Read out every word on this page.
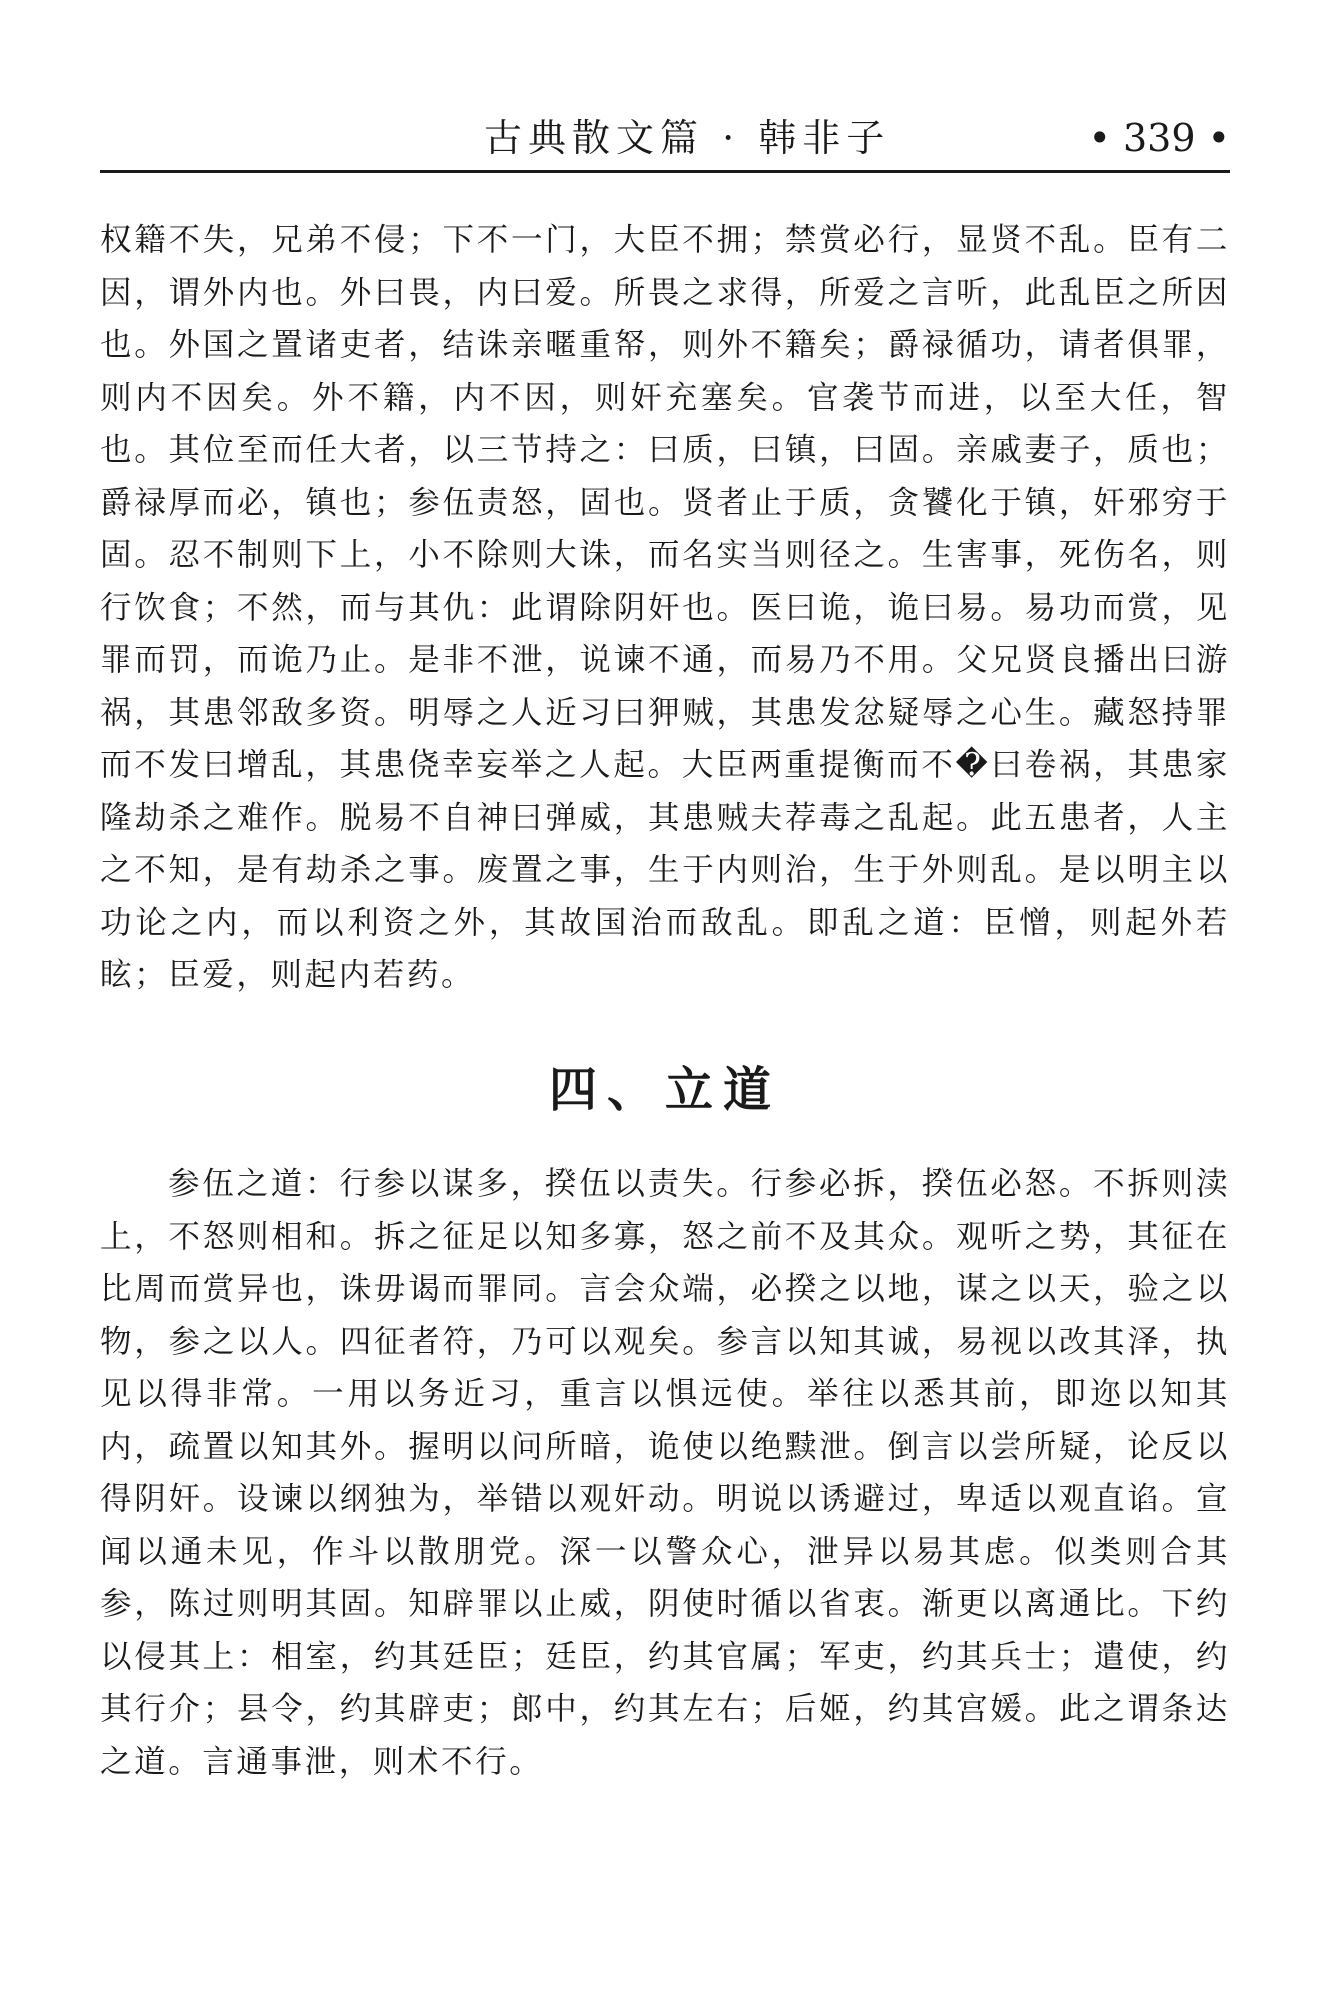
古典散文篇 · 韩非子	• 339 •

权籍不失，兄弟不侵；下不一门，大臣不拥；禁赏必行，显贤不乱。臣有二因，谓外内也。外曰畏，内曰爱。所畏之求得，所爱之言听，此乱臣之所因也。外国之置诸吏者，结诛亲暱重帑，则外不籍矣；爵禄循功，请者俱罪，则内不因矣。外不籍，内不因，则奸充塞矣。官袭节而进，以至大任，智也。其位至而任大者，以三节持之：曰质，曰镇，曰固。亲戚妻子，质也；爵禄厚而必，镇也；参伍责怒，固也。贤者止于质，贪饕化于镇，奸邪穷于固。忍不制则下上，小不除则大诛，而名实当则径之。生害事，死伤名，则行饮食；不然，而与其仇：此谓除阴奸也。医曰诡，诡曰易。易功而赏，见罪而罚，而诡乃止。是非不泄，说谏不通，而易乃不用。父兄贤良播出曰游祸，其患邻敌多资。明辱之人近习曰狎贼，其患发忿疑辱之心生。藏怒持罪而不发曰增乱，其患侥幸妄举之人起。大臣两重提衡而不�曰卷祸，其患家隆劫杀之难作。脱易不自神曰弹威，其患贼夫荐毒之乱起。此五患者，人主之不知，是有劫杀之事。废置之事，生于内则治，生于外则乱。是以明主以功论之内，而以利资之外，其故国治而敌乱。即乱之道：臣憎，则起外若眩；臣爱，则起内若药。

四、立道

参伍之道：行参以谋多，揆伍以责失。行参必拆，揆伍必怒。不拆则渎上，不怒则相和。拆之征足以知多寡，怒之前不及其众。观听之势，其征在比周而赏异也，诛毋谒而罪同。言会众端，必揆之以地，谋之以天，验之以物，参之以人。四征者符，乃可以观矣。参言以知其诚，易视以改其泽，执见以得非常。一用以务近习，重言以惧远使。举往以悉其前，即迩以知其内，疏置以知其外。握明以问所暗，诡使以绝黩泄。倒言以尝所疑，论反以得阴奸。设谏以纲独为，举错以观奸动。明说以诱避过，卑适以观直谄。宣闻以通未见，作斗以散朋党。深一以警众心，泄异以易其虑。似类则合其参，陈过则明其固。知辟罪以止威，阴使时循以省衷。渐更以离通比。下约以侵其上：相室，约其廷臣；廷臣，约其官属；军吏，约其兵士；遣使，约其行介；县令，约其辟吏；郎中，约其左右；后姬，约其宫媛。此之谓条达之道。言通事泄，则术不行。
